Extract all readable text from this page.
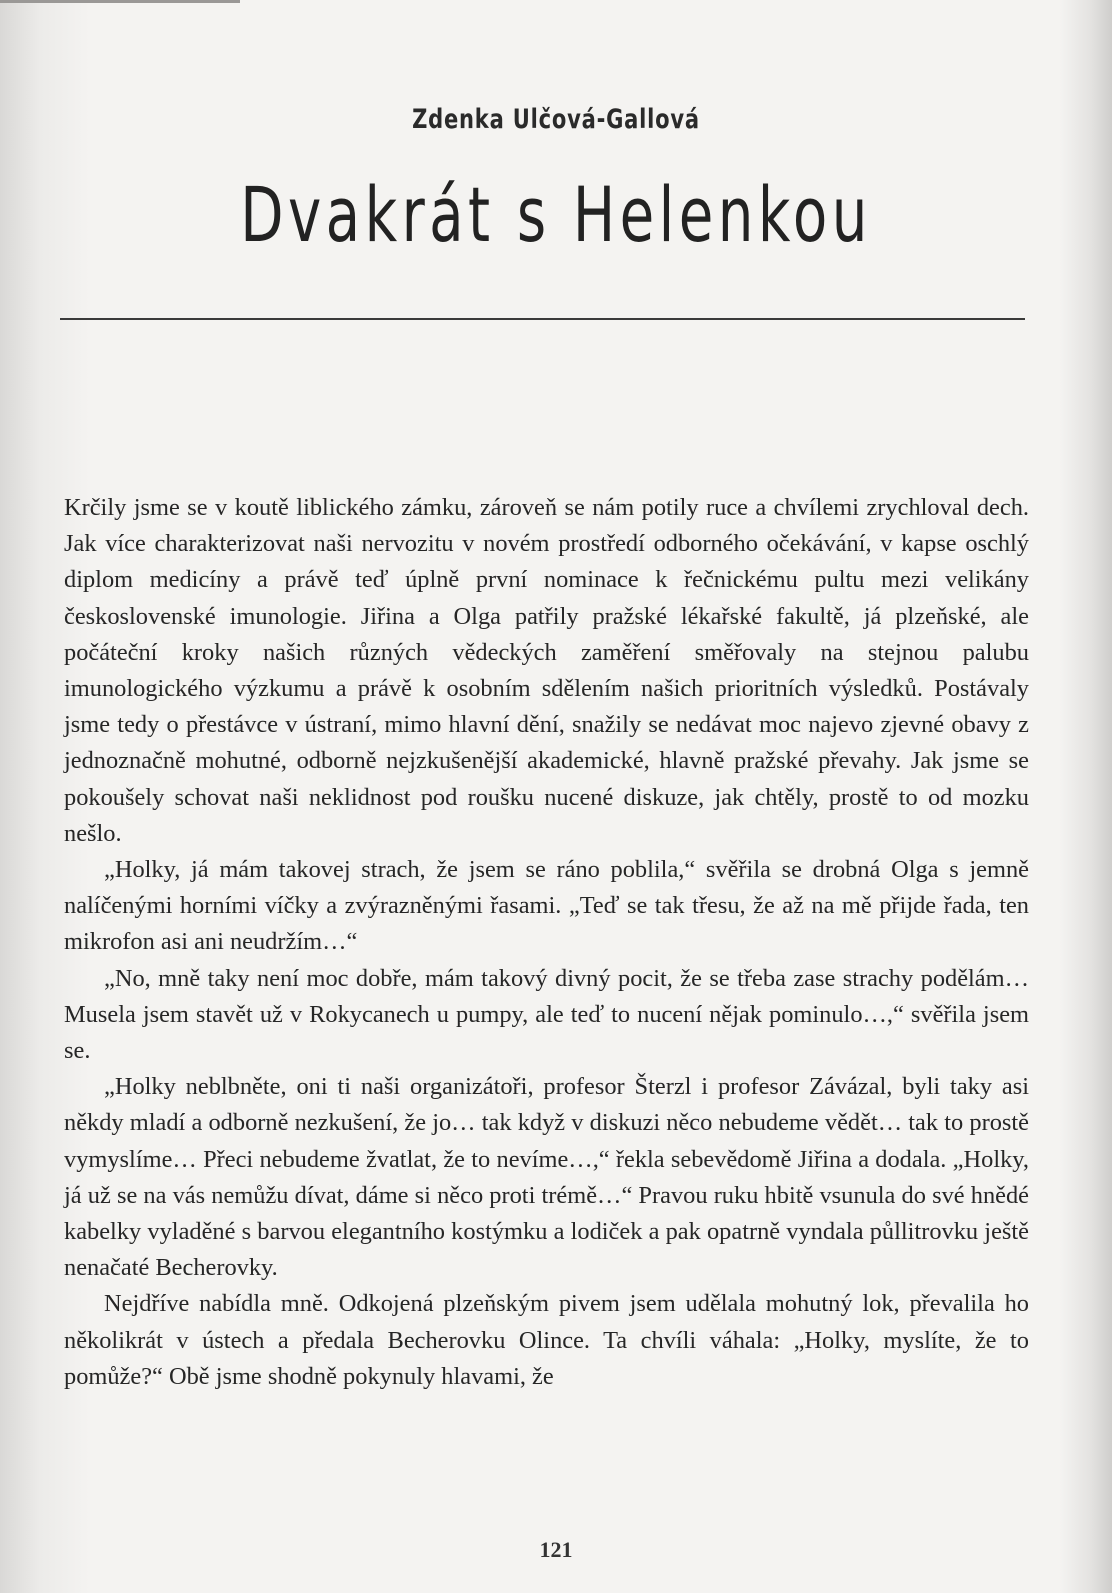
Zdenka Ulčová-Gallová
Dvakrát s Helenkou

Krčily jsme se v koutě liblického zámku, zároveň se nám potily ruce a chvílemi zrychloval dech. Jak více charakterizovat naši nervozitu v novém prostředí odborného očekávání, v kapse oschlý diplom medicíny a právě teď úplně první nominace k řečnickému pultu mezi velikány československé imunologie. Jiřina a Olga patřily pražské lékařské fakultě, já plzeňské, ale počáteční kroky našich různých vědeckých zaměření směřovaly na stejnou palubu imunologického výzkumu a právě k osobním sdělením našich prioritních výsledků. Postávaly jsme tedy o přestávce v ústraní, mimo hlavní dění, snažily se nedávat moc najevo zjevné obavy z jednoznačně mohutné, odborně nejzkušenější akademické, hlavně pražské převahy. Jak jsme se pokoušely schovat naši neklidnost pod roušku nucené diskuze, jak chtěly, prostě to od mozku nešlo.

„Holky, já mám takovej strach, že jsem se ráno poblila,“ svěřila se drobná Olga s jemně nalíčenými horními víčky a zvýrazněnými řasami. „Teď se tak třesu, že až na mě přijde řada, ten mikrofon asi ani neudržím…“

„No, mně taky není moc dobře, mám takový divný pocit, že se třeba zase strachy podělám… Musela jsem stavět už v Rokycanech u pumpy, ale teď to nucení nějak pominulo…,“ svěřila jsem se.

„Holky neblbněte, oni ti naši organizátoři, profesor Šterzl i profesor Závázal, byli taky asi někdy mladí a odborně nezkušení, že jo… tak když v diskuzi něco nebudeme vědět… tak to prostě vymyslíme… Přeci nebudeme žvatlat, že to nevíme…,“ řekla sebevědomě Jiřina a dodala. „Holky, já už se na vás nemůžu dívat, dáme si něco proti trémě…“ Pravou ruku hbitě vsunula do své hnědé kabelky vyladěné s barvou elegantního kostýmku a lodiček a pak opatrně vyndala půllitrovku ještě nenačaté Becherovky.

Nejdříve nabídla mně. Odkojená plzeňským pivem jsem udělala mohutný lok, převalila ho několikrát v ústech a předala Becherovku Olince. Ta chvíli váhala: „Holky, myslíte, že to pomůže?“ Obě jsme shodně pokynuly hlavami, že

121
